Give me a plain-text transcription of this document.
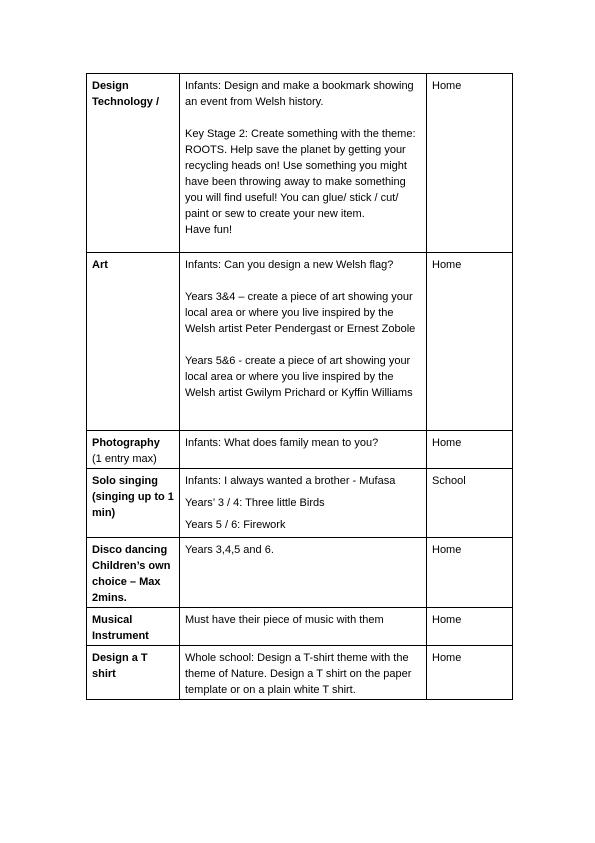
Design Technology /	Infants: Design and make a bookmark showing an event from Welsh history.

Key Stage 2: Create something with the theme:
ROOTS. Help save the planet by getting your recycling heads on! Use something you might have been throwing away to make something you will find useful! You can glue/ stick / cut/ paint or sew to create your new item.
Have fun!	Home
Art	Infants: Can you design a new Welsh flag?

Years 3&4 – create a piece of art showing your local area or where you live inspired by the Welsh artist Peter Pendergast or Ernest Zobole

Years 5&6 - create a piece of art showing your local area or where you live inspired by the Welsh artist Gwilym Prichard or Kyffin Williams	Home

Photography
(1 entry max)	Infants: What does family mean to you?	Home
Solo singing (singing up to 1 min)	Infants: I always wanted a brother - Mufasa

Years’ 3 / 4: Three little Birds

Years 5 / 6: Firework	School
Disco dancing Children’s own choice – Max 2mins.	Years 3,4,5 and 6.	Home
Musical Instrument	Must have their piece of music with them	Home
Design a T shirt	Whole school: Design a T-shirt theme with the theme of Nature. Design a T shirt on the paper template or on a plain white T shirt.	Home
